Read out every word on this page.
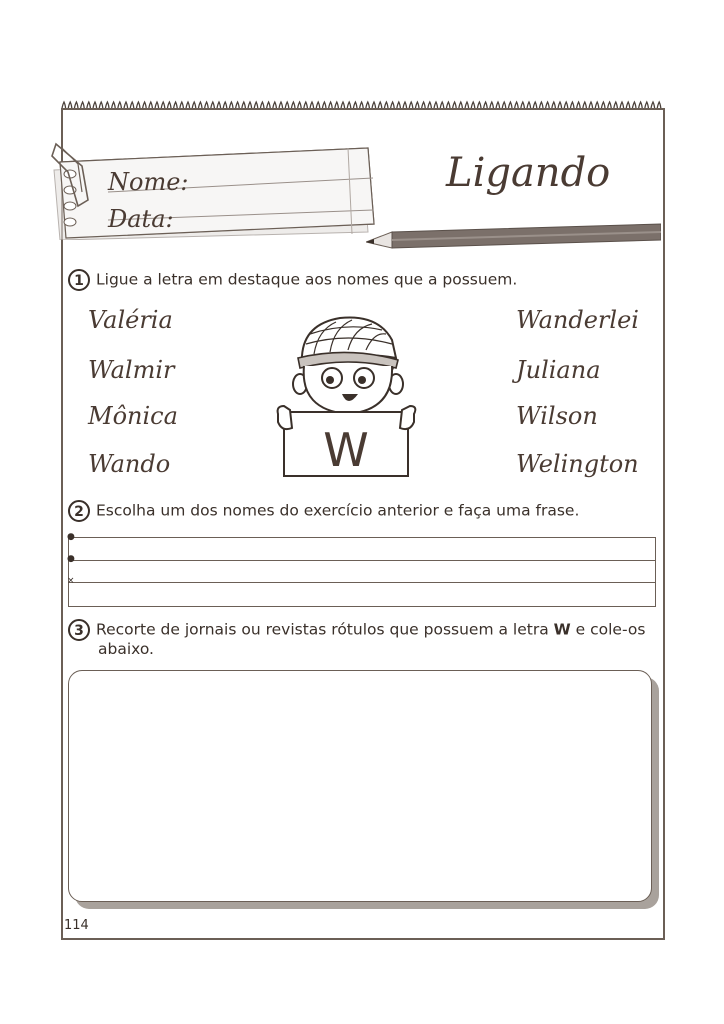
Nome:
Data:
Ligando
1 Ligue a letra em destaque aos nomes que a possuem.
Valéria
Walmir
Mônica
Wando
Wanderlei
Juliana
Wilson
Welington
W
2 Escolha um dos nomes do exercício anterior e faça uma frase.
●
●
×
3 Recorte de jornais ou revistas rótulos que possuem a letra W e cole-os
abaixo.
114
